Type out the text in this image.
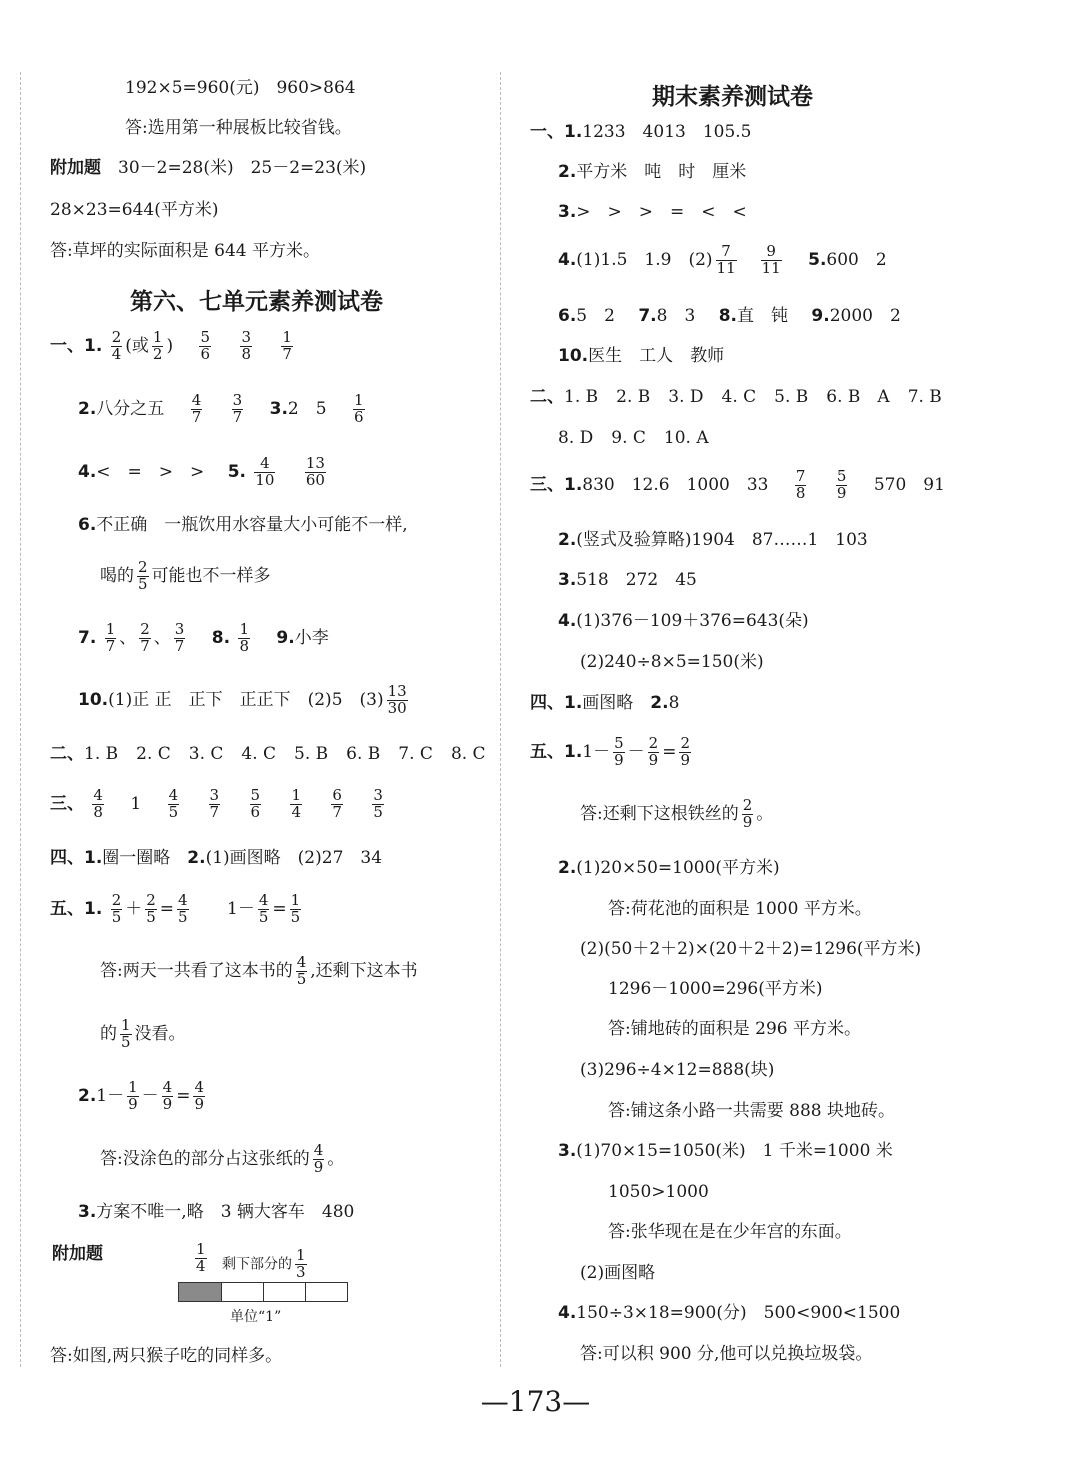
192×5=960(元)　960>864
答:选用第一种展板比较省钱。
附加题　 30－2=28(米)　25－2=23(米)
28×23=644(平方米)
答:草坪的实际面积是 644 平方米。
第六、七单元素养测试卷
一、1. $\frac{2}{4}$ (或 $\frac{1}{2}$ ) $\frac{5}{6}$
$\frac{3}{8}$
$\frac{1}{7}$
2.八分之五 $\frac{4}{7}$
$\frac{3}{7} 3.2$　$5 \frac{1}{6}$
4.<　=　>　> 5. $\frac{4}{10}$
$\frac{13}{60}$
6.不正确　一瓶饮用水容量大小可能不一样,
喝的 $\frac{2}{5}$ 可能也不一样多
7. $\frac{1}{7}$ 、 $\frac{2}{7}$ 、 $\frac{3}{7} 8$. $\frac{1}{8} 9$.小李
10.(1)正 正　正下　正正下　(2)5　$(3) \frac{13}{30}$
二、1. B 2. C 3. C 4. C 5. B 6. B 7. C 8. C
三、 $\frac{4}{8} 1 \frac{4}{5}$
$\frac{3}{7}$
$\frac{5}{6}$
$\frac{1}{4}$
$\frac{6}{7}$
$\frac{3}{5}$
四、1.圈一圈略　2.(1)画图略　(2)27　34
五、1. $\frac{2}{5} + \frac{2}{5} = \frac{4}{5} 1- \frac{4}{5} = \frac{1}{5}$
答:两天一共看了这本书的 $\frac{4}{5}$ ,还剩下这本书
的 $\frac{1}{5}$ 没看。
$2.1- \frac{1}{9} - \frac{4}{9} = \frac{4}{9}$
答:没涂色的部分占这张纸的 $\frac{4}{9}$ 。
3.方案不唯一,略　3 辆大客车　480
附加题	$\frac{1}{4}$ 剩下部分的 $\frac{1}{3}$
单位“1”
答:如图,两只猴子吃的同样多。
期末素养测试卷
一、1.1233　4013　105.5
2.平方米　吨　时　厘米
3.>　>　>　=　<　<
4.(1)1.5　1.9　$(2) \frac{7}{11} \frac{9}{11} 5.600$　2
6.5　2 7.8　3 8.直　钝 9.2000　2
10.医生　工人　教师
二、1. B 2. B 3. D 4. C 5. B 6. B　A 7. B
8. D 9. C 10. A
三、1.830　12.6　1000　$33 \frac{7}{8}$
$\frac{5}{9} 570$　91
2.(竖式及验算略)1904　87……1　103
3.518　272　45
4.(1)376－109＋376=643(朵)
(2)240÷8×5=150(米)
四、1.画图略　2.8
五、$1.1- \frac{5}{9} - \frac{2}{9} = \frac{2}{9}$
答:还剩下这根铁丝的 $\frac{2}{9}$ 。
2.(1)20×50=1000(平方米)
答:荷花池的面积是 1000 平方米。
(2)(50＋2＋2)×(20＋2＋2)=1296(平方米)
1296－1000=296(平方米)
答:铺地砖的面积是 296 平方米。
(3)296÷4×12=888(块)
答:铺这条小路一共需要 888 块地砖。
3.(1)70×15=1050(米)　1 千米=1000 米
1050>1000
答:张华现在是在少年宫的东面。
(2)画图略
4.150÷3×18=900(分)　500<900<1500
答:可以积 900 分,他可以兑换垃圾袋。
—173—
